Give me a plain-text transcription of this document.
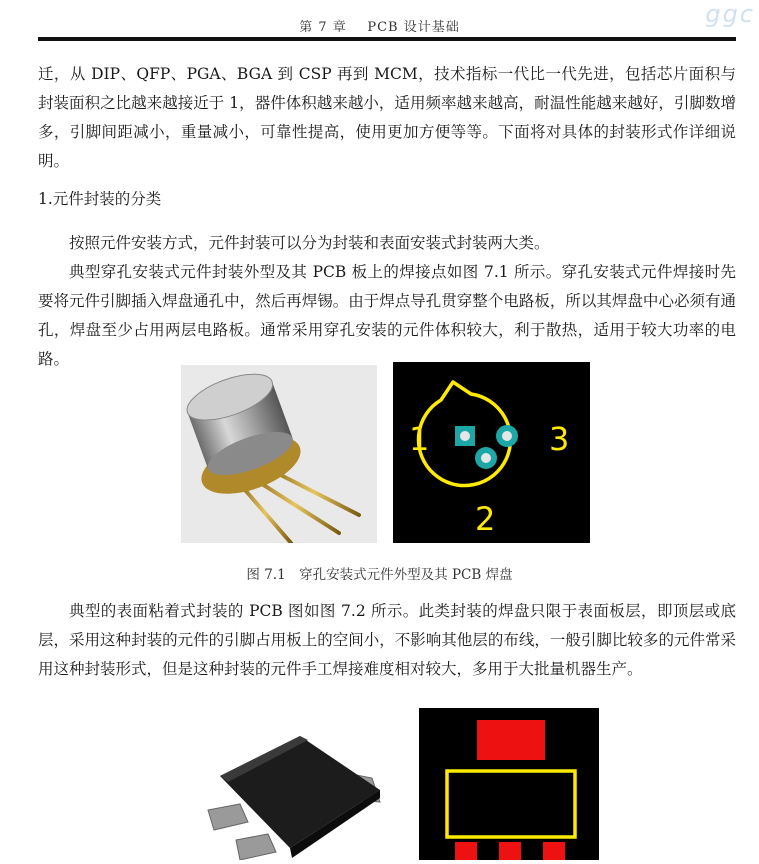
第 7 章 PCB 设计基础	ggc

迁，从 DIP、QFP、PGA、BGA 到 CSP 再到 MCM，技术指标一代比一代先进，包括芯片面积与封装面积之比越来越接近于 1，器件体积越来越小，适用频率越来越高，耐温性能越来越好，引脚数增多，引脚间距减小，重量减小，可靠性提高，使用更加方便等等。下面将对具体的封装形式作详细说明。

1.元件封装的分类

按照元件安装方式，元件封装可以分为封装和表面安装式封装两大类。

典型穿孔安装式元件封装外型及其 PCB 板上的焊接点如图 7.1 所示。穿孔安装式元件焊接时先要将元件引脚插入焊盘通孔中，然后再焊锡。由于焊点导孔贯穿整个电路板，所以其焊盘中心必须有通孔，焊盘至少占用两层电路板。通常采用穿孔安装的元件体积较大，利于散热，适用于较大功率的电路。

1	3
2
图 7.1　穿孔安装式元件外型及其 PCB 焊盘

典型的表面粘着式封装的 PCB 图如图 7.2 所示。此类封装的焊盘只限于表面板层，即顶层或底层，采用这种封装的元件的引脚占用板上的空间小，不影响其他层的布线，一般引脚比较多的元件常采用这种封装形式，但是这种封装的元件手工焊接难度相对较大，多用于大批量机器生产。
